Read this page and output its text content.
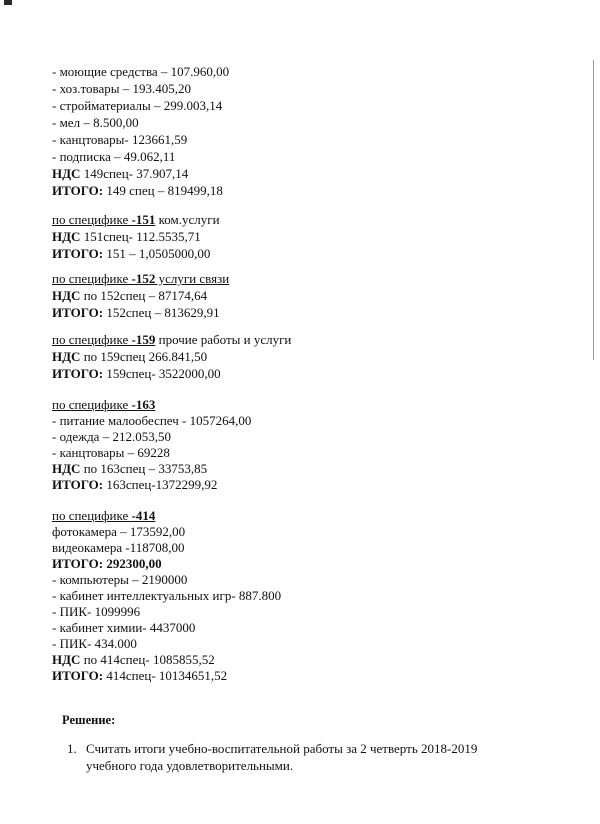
- моющие средства – 107.960,00
- хоз.товары – 193.405,20
- стройматериалы – 299.003,14
- мел – 8.500,00
- канцтовары- 123661,59
- подписка – 49.062,11
НДС 149спец- 37.907,14
ИТОГО: 149 спец – 819499,18
по специфике -151 ком.услуги
НДС 151спец- 112.5535,71
ИТОГО: 151 – 1,0505000,00
по специфике -152 услуги связи
НДС по 152спец – 87174,64
ИТОГО: 152спец – 813629,91
по специфике -159 прочие работы и услуги
НДС по 159спец 266.841,50
ИТОГО: 159спец- 3522000,00
по специфике -163
- питание малообеспеч - 1057264,00
- одежда – 212.053,50
- канцтовары – 69228
НДС по 163спец – 33753,85
ИТОГО: 163спец-1372299,92
по специфике -414
фотокамера – 173592,00
видеокамера -118708,00
ИТОГО: 292300,00
- компьютеры – 2190000
- кабинет интеллектуальных игр- 887.800
- ПИК- 1099996
- кабинет химии- 4437000
- ПИК- 434.000
НДС по 414спец- 1085855,52
ИТОГО: 414спец- 10134651,52
Решение:
1. Считать итоги учебно-воспитательной работы за 2 четверть 2018-2019
учебного года удовлетворительными.
